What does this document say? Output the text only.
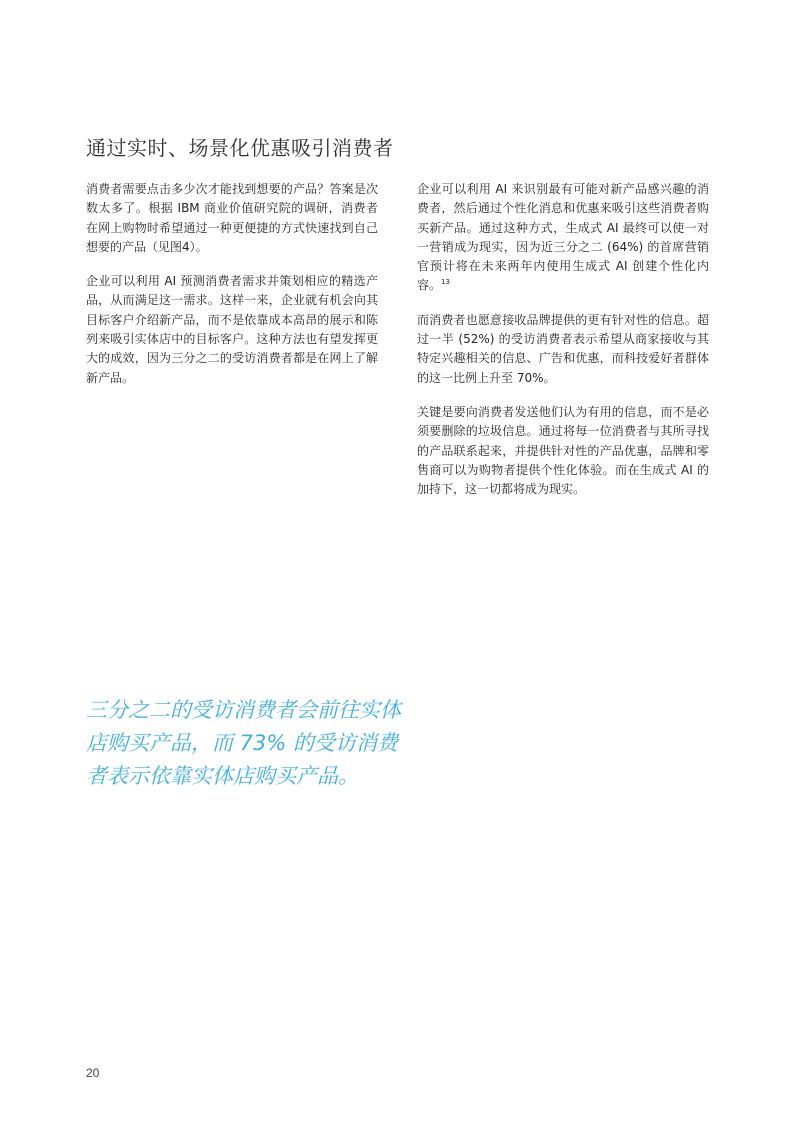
通过实时、场景化优惠吸引消费者

消费者需要点击多少次才能找到想要的产品？答案是次数太多了。根据 IBM 商业价值研究院的调研，消费者在网上购物时希望通过一种更便捷的方式快速找到自己想要的产品（见图4）。

企业可以利用 AI 预测消费者需求并策划相应的精选产品，从而满足这一需求。这样一来，企业就有机会向其目标客户介绍新产品，而不是依靠成本高昂的展示和陈列来吸引实体店中的目标客户。这种方法也有望发挥更大的成效，因为三分之二的受访消费者都是在网上了解新产品。

企业可以利用 AI 来识别最有可能对新产品感兴趣的消费者，然后通过个性化消息和优惠来吸引这些消费者购买新产品。通过这种方式，生成式 AI 最终可以使一对一营销成为现实，因为近三分之二 (64%) 的首席营销官预计将在未来两年内使用生成式 AI 创建个性化内容。$^{13}$

而消费者也愿意接收品牌提供的更有针对性的信息。超过一半 (52%) 的受访消费者表示希望从商家接收与其特定兴趣相关的信息、广告和优惠，而科技爱好者群体的这一比例上升至 70%。

关键是要向消费者发送他们认为有用的信息，而不是必须要删除的垃圾信息。通过将每一位消费者与其所寻找的产品联系起来，并提供针对性的产品优惠，品牌和零售商可以为购物者提供个性化体验。而在生成式 AI 的加持下，这一切都将成为现实。

三分之二的受访消费者会前往实体店购买产品，而 73% 的受访消费者表示依靠实体店购买产品。

20
